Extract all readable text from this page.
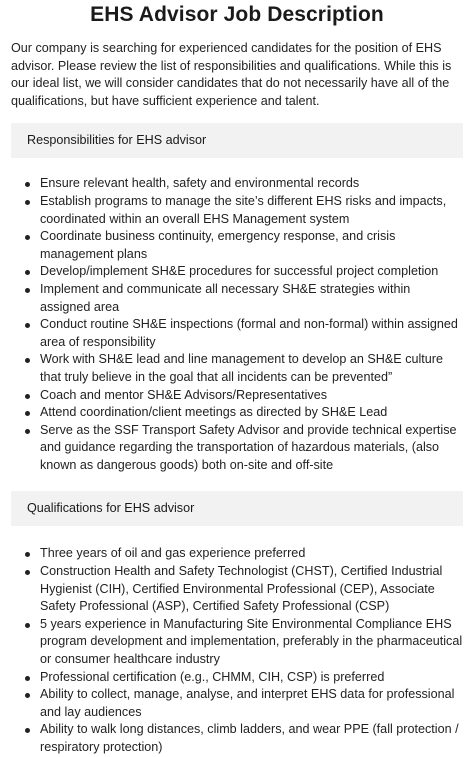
EHS Advisor Job Description

Our company is searching for experienced candidates for the position of EHS advisor. Please review the list of responsibilities and qualifications. While this is our ideal list, we will consider candidates that do not necessarily have all of the qualifications, but have sufficient experience and talent.

Responsibilities for EHS advisor
Ensure relevant health, safety and environmental records
Establish programs to manage the site’s different EHS risks and impacts, coordinated within an overall EHS Management system
Coordinate business continuity, emergency response, and crisis management plans
Develop/implement SH&E procedures for successful project completion
Implement and communicate all necessary SH&E strategies within assigned area
Conduct routine SH&E inspections (formal and non-formal) within assigned area of responsibility
Work with SH&E lead and line management to develop an SH&E culture that truly believe in the goal that all incidents can be prevented”
Coach and mentor SH&E Advisors/Representatives
Attend coordination/client meetings as directed by SH&E Lead
Serve as the SSF Transport Safety Advisor and provide technical expertise and guidance regarding the transportation of hazardous materials, (also known as dangerous goods) both on-site and off-site
Qualifications for EHS advisor
Three years of oil and gas experience preferred
Construction Health and Safety Technologist (CHST), Certified Industrial Hygienist (CIH), Certified Environmental Professional (CEP), Associate Safety Professional (ASP), Certified Safety Professional (CSP)
5 years experience in Manufacturing Site Environmental Compliance EHS program development and implementation, preferably in the pharmaceutical or consumer healthcare industry
Professional certification (e.g., CHMM, CIH, CSP) is preferred
Ability to collect, manage, analyse, and interpret EHS data for professional and lay audiences
Ability to walk long distances, climb ladders, and wear PPE (fall protection / respiratory protection)
